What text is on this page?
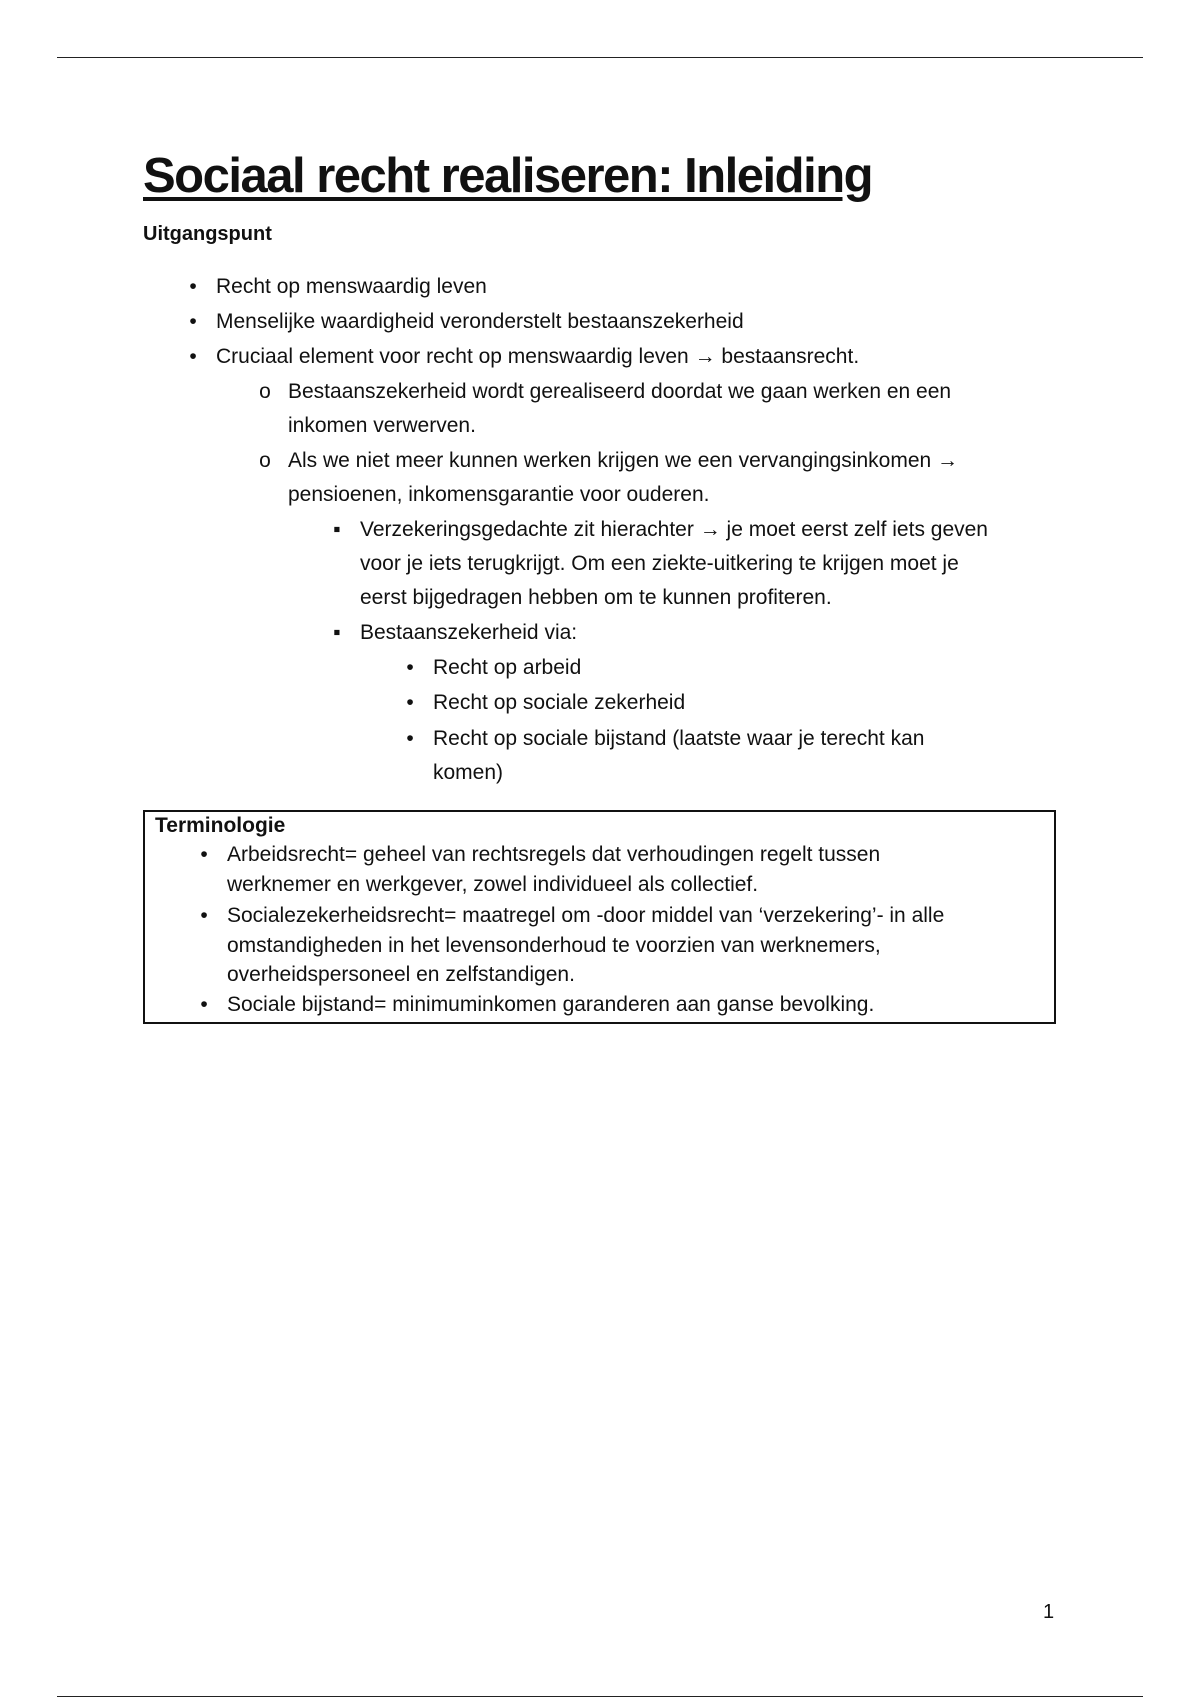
Sociaal recht realiseren: Inleiding
Uitgangspunt
• Recht op menswaardig leven
• Menselijke waardigheid veronderstelt bestaanszekerheid
• Cruciaal element voor recht op menswaardig leven → bestaansrecht.
o Bestaanszekerheid wordt gerealiseerd doordat we gaan werken en een
inkomen verwerven.
o Als we niet meer kunnen werken krijgen we een vervangingsinkomen →
pensioenen, inkomensgarantie voor ouderen.
▪ Verzekeringsgedachte zit hierachter → je moet eerst zelf iets geven
voor je iets terugkrijgt. Om een ziekte-uitkering te krijgen moet je
eerst bijgedragen hebben om te kunnen profiteren.
▪ Bestaanszekerheid via:
• Recht op arbeid
• Recht op sociale zekerheid
• Recht op sociale bijstand (laatste waar je terecht kan
komen)
Terminologie
• Arbeidsrecht= geheel van rechtsregels dat verhoudingen regelt tussen
werknemer en werkgever, zowel individueel als collectief.
• Socialezekerheidsrecht= maatregel om -door middel van ‘verzekering’- in alle
omstandigheden in het levensonderhoud te voorzien van werknemers,
overheidspersoneel en zelfstandigen.
• Sociale bijstand= minimuminkomen garanderen aan ganse bevolking.
1
